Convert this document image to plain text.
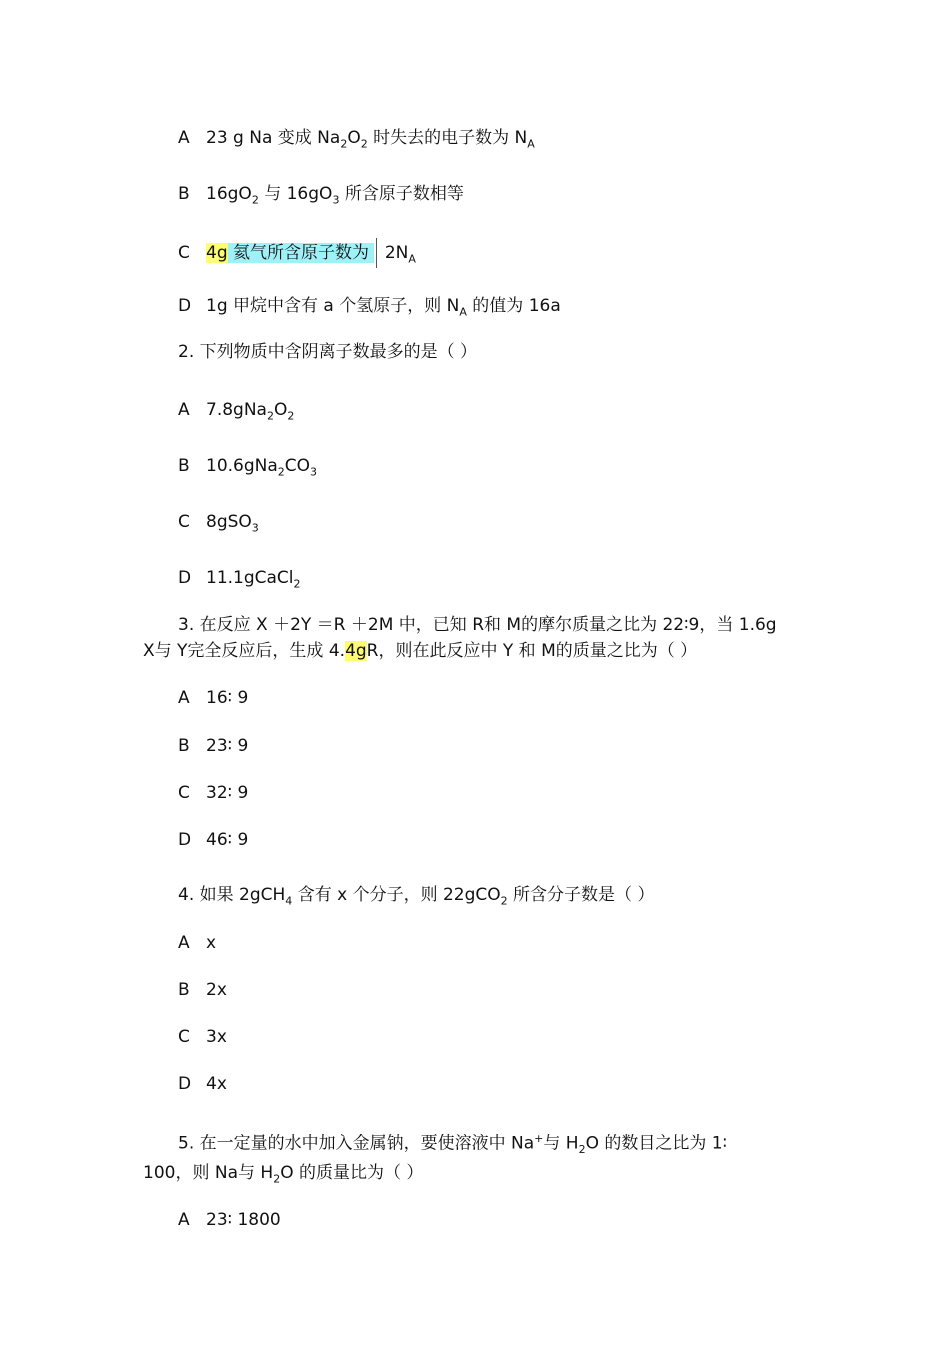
A 23 g Na 变成 $Na_2O_2$ 时失去的电子数为 $N_A$
B $16gO_2$ 与 $16gO_3$ 所含原子数相等
C 4g 氦气所含原子数为  $2N_A$
D 1g 甲烷中含有 a 个氢原子，则 $N_A$ 的值为 16a
2. 下列物质中含阴离子数最多的是（ ）
A $7.8gNa_2O_2$
B $10.6gNa_2CO_3$
C 8gSO$_3$
D 11.1gCaCl$_2$
3. 在反应 X ＋2Y ＝R ＋2M 中，已知 R和 M的摩尔质量之比为 22∶9，当 1.6g
X与 Y完全反应后，生成 4.4gR，则在此反应中 Y 和 M的质量之比为（ ）
A 16∶ 9
B 23∶ 9
C 32∶ 9
D 46∶ 9
4. 如果 2gCH$_4$ 含有 x 个分子，则 22gCO$_2$ 所含分子数是（ ）
A x
B 2x
C 3x
D 4x
5. 在一定量的水中加入金属钠，要使溶液中 Na+与 $H_2O$ 的数目之比为 1∶
100，则 Na与 $H_2O$ 的质量比为（ ）
A 23∶ 1800
